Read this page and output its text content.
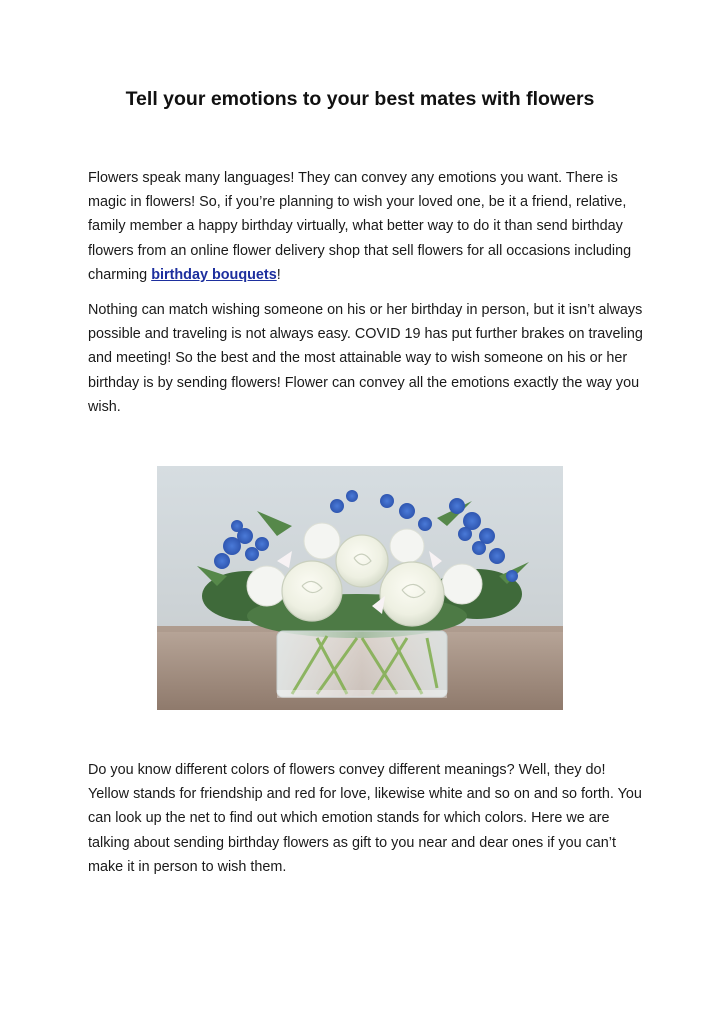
Tell your emotions to your best mates with flowers

Flowers speak many languages! They can convey any emotions you want. There is magic in flowers! So, if you’re planning to wish your loved one, be it a friend, relative, family member a happy birthday virtually, what better way to do it than send birthday flowers from an online flower delivery shop that sell flowers for all occasions including charming birthday bouquets!

Nothing can match wishing someone on his or her birthday in person, but it isn’t always possible and traveling is not always easy. COVID 19 has put further brakes on traveling and meeting! So the best and the most attainable way to wish someone on his or her birthday is by sending flowers! Flower can convey all the emotions exactly the way you wish.

Do you know different colors of flowers convey different meanings? Well, they do! Yellow stands for friendship and red for love, likewise white and so on and so forth. You can look up the net to find out which emotion stands for which colors. Here we are talking about sending birthday flowers as gift to you near and dear ones if you can’t make it in person to wish them.
